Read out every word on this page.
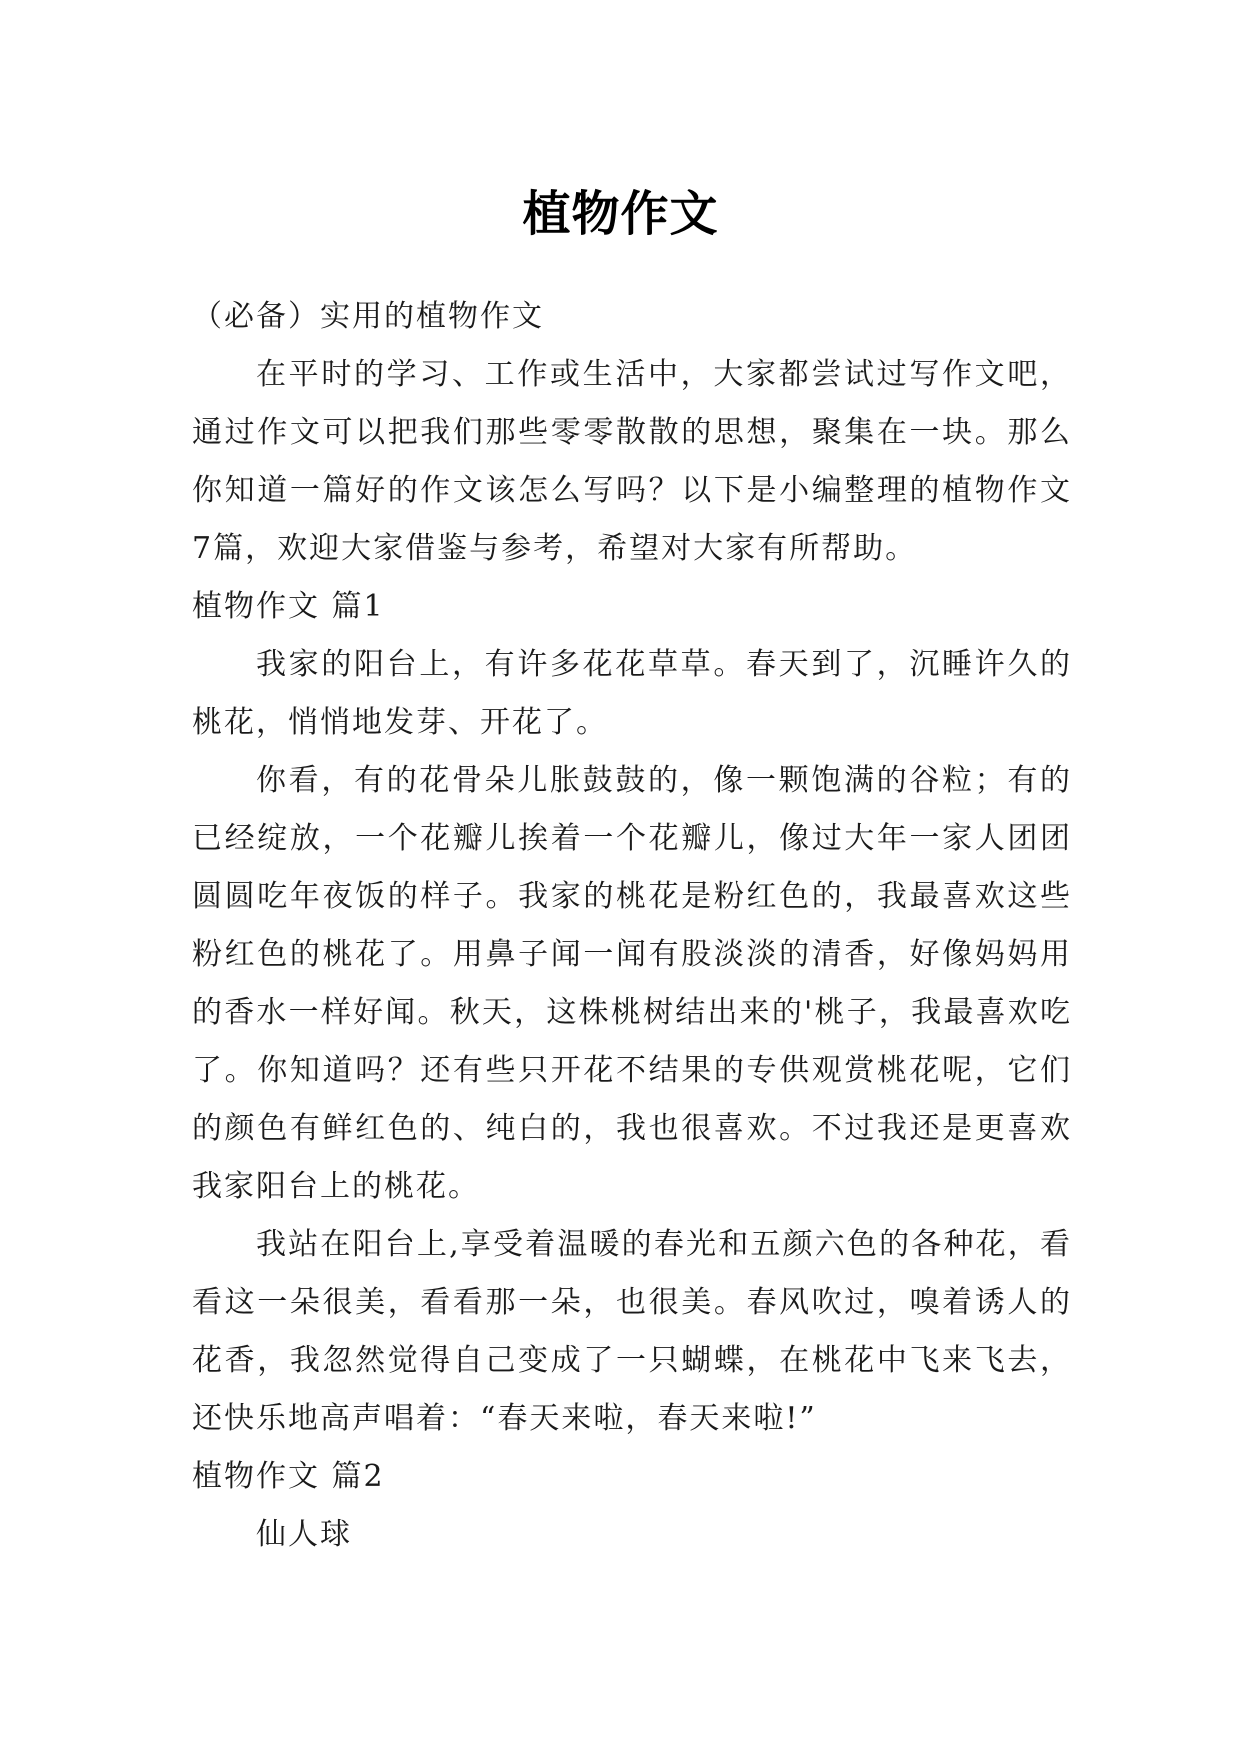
植物作文

（必备）实用的植物作文

在平时的学习、工作或生活中，大家都尝试过写作文吧，通过作文可以把我们那些零零散散的思想，聚集在一块。那么你知道一篇好的作文该怎么写吗？以下是小编整理的植物作文7篇，欢迎大家借鉴与参考，希望对大家有所帮助。

植物作文 篇1

我家的阳台上，有许多花花草草。春天到了，沉睡许久的桃花，悄悄地发芽、开花了。

你看，有的花骨朵儿胀鼓鼓的，像一颗饱满的谷粒；有的已经绽放，一个花瓣儿挨着一个花瓣儿，像过大年一家人团团圆圆吃年夜饭的样子。我家的桃花是粉红色的，我最喜欢这些粉红色的桃花了。用鼻子闻一闻有股淡淡的清香，好像妈妈用的香水一样好闻。秋天，这株桃树结出来的'桃子，我最喜欢吃了。你知道吗？还有些只开花不结果的专供观赏桃花呢，它们的颜色有鲜红色的、纯白的，我也很喜欢。不过我还是更喜欢我家阳台上的桃花。

我站在阳台上,享受着温暖的春光和五颜六色的各种花，看看这一朵很美，看看那一朵，也很美。春风吹过，嗅着诱人的花香，我忽然觉得自己变成了一只蝴蝶，在桃花中飞来飞去，还快乐地高声唱着：“春天来啦，春天来啦!”

植物作文 篇2

仙人球
